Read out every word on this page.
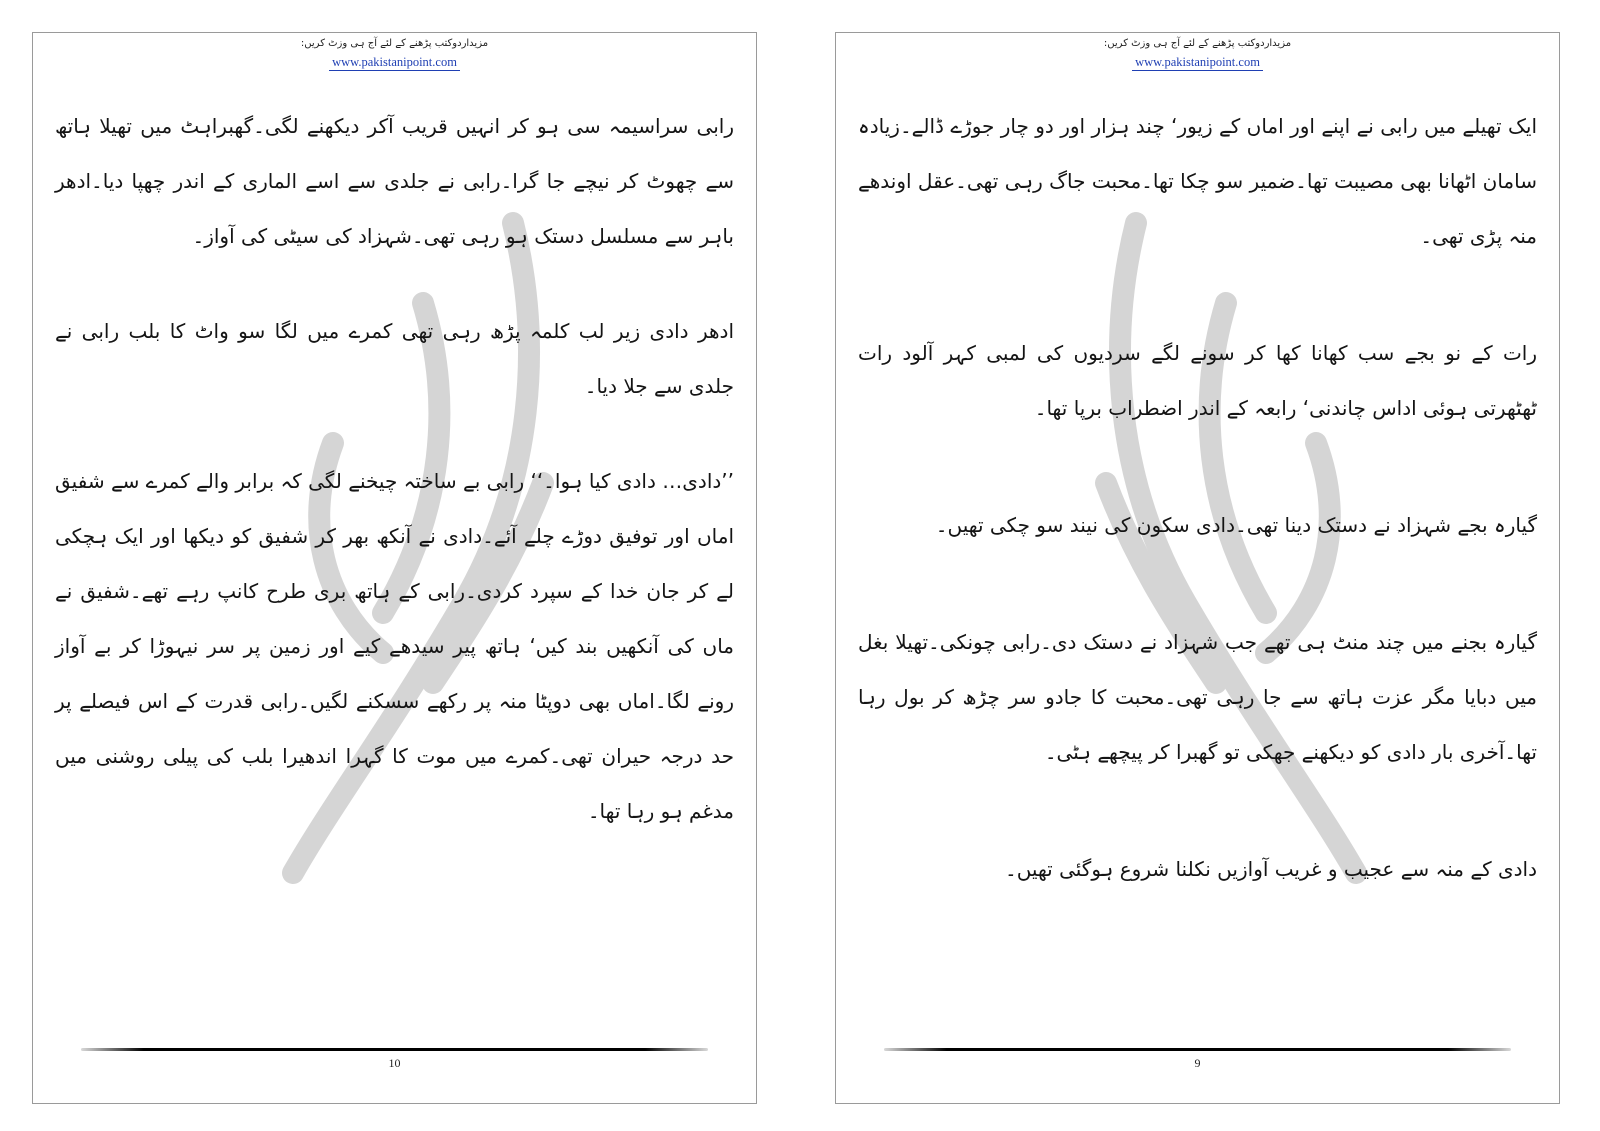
مزیداردوکتب پڑھنے کے لئے آج ہی وزٹ کریں:
www.pakistanipoint.com

رابی سراسیمہ سی ہو کر انہیں قریب آکر دیکھنے لگی۔گھبراہٹ میں تھیلا ہاتھ سے چھوٹ کر نیچے جا گرا۔رابی نے جلدی سے اسے الماری کے اندر چھپا دیا۔ادھر باہر سے مسلسل دستک ہو رہی تھی۔شہزاد کی سیٹی کی آواز۔

ادھر دادی زیر لب کلمہ پڑھ رہی تھی کمرے میں لگا سو واٹ کا بلب رابی نے جلدی سے جلا دیا۔

’’دادی… دادی کیا ہوا۔‘‘ رابی بے ساختہ چیخنے لگی کہ برابر والے کمرے سے شفیق اماں اور توفیق دوڑے چلے آئے۔دادی نے آنکھ بھر کر شفیق کو دیکھا اور ایک ہچکی لے کر جان خدا کے سپرد کردی۔رابی کے ہاتھ بری طرح کانپ رہے تھے۔شفیق نے ماں کی آنکھیں بند کیں‘ ہاتھ پیر سیدھے کیے اور زمین پر سر نیہوڑا کر بے آواز رونے لگا۔اماں بھی دوپٹا منہ پر رکھے سسکنے لگیں۔رابی قدرت کے اس فیصلے پر حد درجہ حیران تھی۔کمرے میں موت کا گہرا اندھیرا بلب کی پیلی روشنی میں مدغم ہو رہا تھا۔

10
مزیداردوکتب پڑھنے کے لئے آج ہی وزٹ کریں:
www.pakistanipoint.com

ایک تھیلے میں رابی نے اپنے اور اماں کے زیور‘ چند ہزار اور دو چار جوڑے ڈالے۔زیادہ سامان اٹھانا بھی مصیبت تھا۔ضمیر سو چکا تھا۔محبت جاگ رہی تھی۔عقل اوندھے منہ پڑی تھی۔

رات کے نو بجے سب کھانا کھا کر سونے لگے سردیوں کی لمبی کہر آلود رات ٹھٹھرتی ہوئی اداس چاندنی‘ رابعہ کے اندر اضطراب برپا تھا۔

گیارہ بجے شہزاد نے دستک دینا تھی۔دادی سکون کی نیند سو چکی تھیں۔

گیارہ بجنے میں چند منٹ ہی تھے جب شہزاد نے دستک دی۔رابی چونکی۔تھیلا بغل میں دبایا مگر عزت ہاتھ سے جا رہی تھی۔محبت کا جادو سر چڑھ کر بول رہا تھا۔آخری بار دادی کو دیکھنے جھکی تو گھبرا کر پیچھے ہٹی۔

دادی کے منہ سے عجیب و غریب آوازیں نکلنا شروع ہوگئی تھیں۔

9
